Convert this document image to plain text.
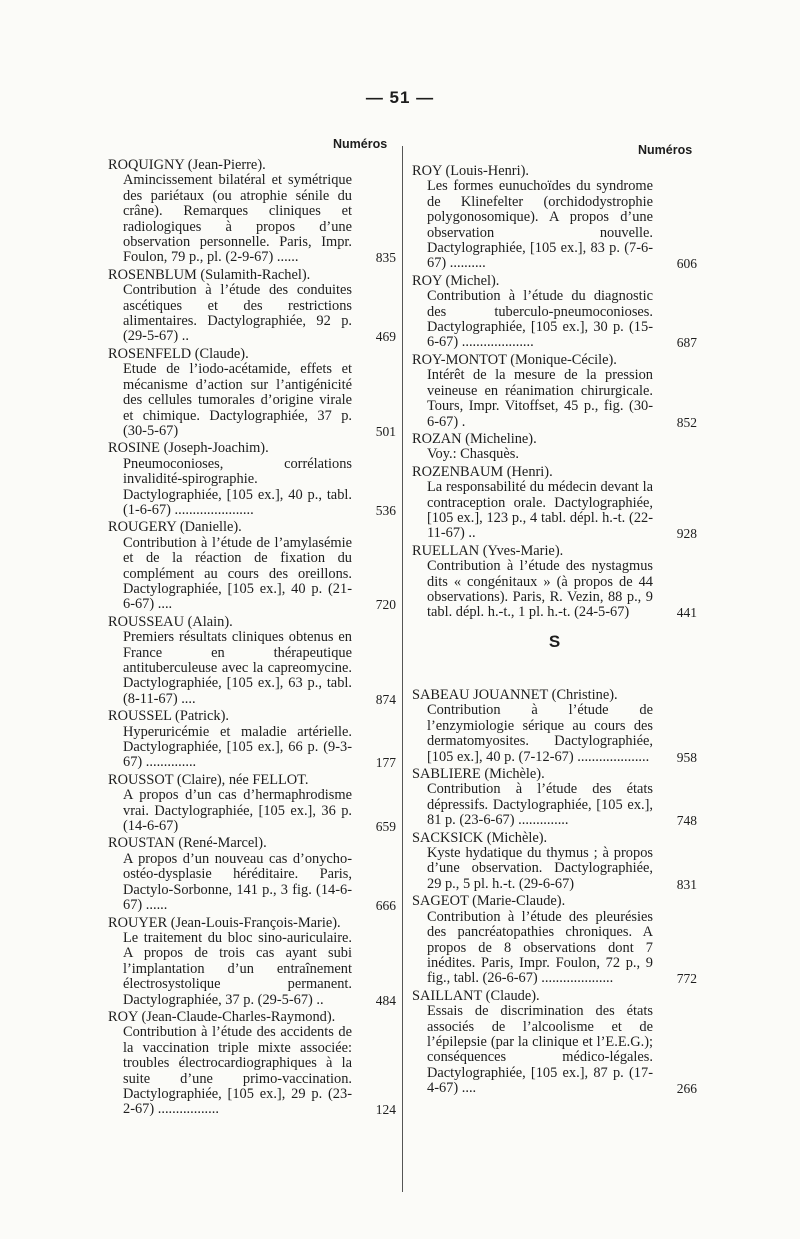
— 51 —
Numéros	Numéros
ROQUIGNY (Jean-Pierre).
Amincissement bilatéral et symétrique des pariétaux (ou atrophie sénile du crâne). Remarques cliniques et radiologiques à propos d’une observation personnelle. Paris, Impr. Foulon, 79 p., pl. (2-9-67) ......	835
ROSENBLUM (Sulamith-Rachel).
Contribution à l’étude des conduites ascétiques et des restrictions alimentaires. Dactylographiée, 92 p. (29-5-67) ..	469
ROSENFELD (Claude).
Etude de l’iodo-acétamide, effets et mécanisme d’action sur l’antigénicité des cellules tumorales d’origine virale et chimique. Dactylographiée, 37 p. (30-5-67)	501
ROSINE (Joseph-Joachim).
Pneumoconioses, corrélations invalidité-spirographie. Dactylographiée, [105 ex.], 40 p., tabl. (1-6-67) ......................	536
ROUGERY (Danielle).
Contribution à l’étude de l’amylasémie et de la réaction de fixation du complément au cours des oreillons. Dactylographiée, [105 ex.], 40 p. (21-6-67) ....	720
ROUSSEAU (Alain).
Premiers résultats cliniques obtenus en France en thérapeutique antituberculeuse avec la capreomycine. Dactylographiée, [105 ex.], 63 p., tabl. (8-11-67) ....	874
ROUSSEL (Patrick).
Hyperuricémie et maladie artérielle. Dactylographiée, [105 ex.], 66 p. (9-3-67) ..............	177
ROUSSOT (Claire), née FELLOT.
A propos d’un cas d’hermaphrodisme vrai. Dactylographiée, [105 ex.], 36 p. (14-6-67)	659
ROUSTAN (René-Marcel).
A propos d’un nouveau cas d’onycho-ostéo-dysplasie héréditaire. Paris, Dactylo-Sorbonne, 141 p., 3 fig. (14-6-67) ......	666
ROUYER (Jean-Louis-François-Marie).
Le traitement du bloc sino-auriculaire. A propos de trois cas ayant subi l’implantation d’un entraînement électrosystolique permanent. Dactylographiée, 37 p. (29-5-67) ..	484
ROY (Jean-Claude-Charles-Raymond).
Contribution à l’étude des accidents de la vaccination triple mixte associée: troubles électrocardiographiques à la suite d’une primo-vaccination. Dactylographiée, [105 ex.], 29 p. (23-2-67) .................	124
ROY (Louis-Henri).
Les formes eunuchoïdes du syndrome de Klinefelter (orchidodystrophie polygonosomique). A propos d’une observation nouvelle. Dactylographiée, [105 ex.], 83 p. (7-6-67) ..........	606
ROY (Michel).
Contribution à l’étude du diagnostic des tuberculo-pneumoconioses. Dactylographiée, [105 ex.], 30 p. (15-6-67) ....................	687
ROY-MONTOT (Monique-Cécile).
Intérêt de la mesure de la pression veineuse en réanimation chirurgicale. Tours, Impr. Vitoffset, 45 p., fig. (30-6-67) .	852
ROZAN (Micheline).
Voy.: Chasquès.
ROZENBAUM (Henri).
La responsabilité du médecin devant la contraception orale. Dactylographiée, [105 ex.], 123 p., 4 tabl. dépl. h.-t. (22-11-67) ..	928
RUELLAN (Yves-Marie).
Contribution à l’étude des nystagmus dits « congénitaux » (à propos de 44 observations). Paris, R. Vezin, 88 p., 9 tabl. dépl. h.-t., 1 pl. h.-t. (24-5-67)	441
S
SABEAU JOUANNET (Christine).
Contribution à l’étude de l’enzymiologie sérique au cours des dermatomyosites. Dactylographiée, [105 ex.], 40 p. (7-12-67) ....................	958
SABLIERE (Michèle).
Contribution à l’étude des états dépressifs. Dactylographiée, [105 ex.], 81 p. (23-6-67) ..............	748
SACKSICK (Michèle).
Kyste hydatique du thymus ; à propos d’une observation. Dactylographiée, 29 p., 5 pl. h.-t. (29-6-67)	831
SAGEOT (Marie-Claude).
Contribution à l’étude des pleurésies des pancréatopathies chroniques. A propos de 8 observations dont 7 inédites. Paris, Impr. Foulon, 72 p., 9 fig., tabl. (26-6-67) ....................	772
SAILLANT (Claude).
Essais de discrimination des états associés de l’alcoolisme et de l’épilepsie (par la clinique et l’E.E.G.); conséquences médico-légales. Dactylographiée, [105 ex.], 87 p. (17-4-67) ....	266
